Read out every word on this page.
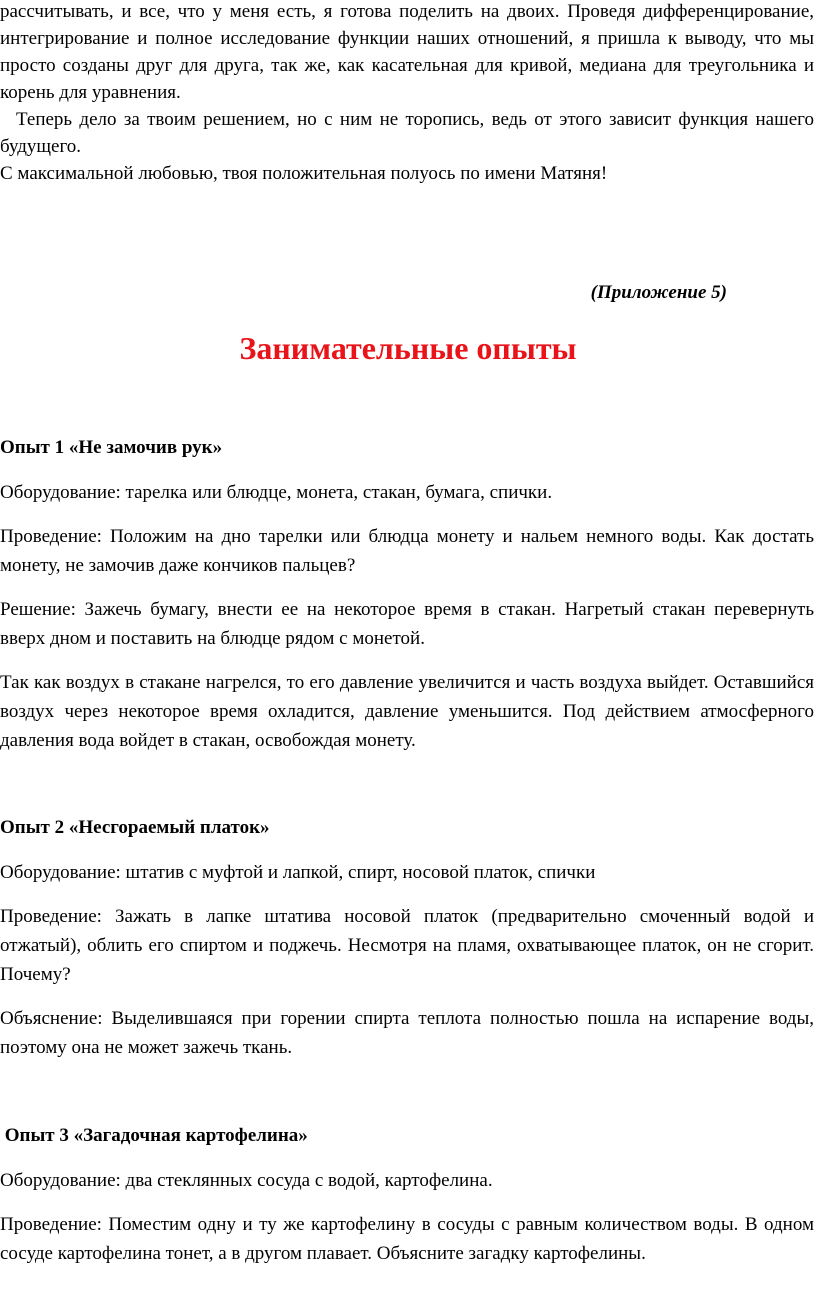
рассчитывать, и все, что у меня есть, я готова поделить на двоих. Проведя дифференцирование, интегрирование и полное исследование функции наших отношений, я пришла к выводу, что мы просто созданы друг для друга, так же, как касательная для кривой, медиана для треугольника и корень для уравнения.

Теперь дело за твоим решением, но с ним не торопись, ведь от этого зависит функция нашего будущего.

С максимальной любовью, твоя положительная полуось по имени Матяня!

(Приложение 5)

Занимательные опыты

Опыт 1 «Не замочив рук»

Оборудование: тарелка или блюдце, монета, стакан, бумага, спички.

Проведение: Положим на дно тарелки или блюдца монету и нальем немного воды. Как достать монету, не замочив даже кончиков пальцев?

Решение: Зажечь бумагу, внести ее на некоторое время в стакан. Нагретый стакан перевернуть вверх дном и поставить на блюдце рядом с монетой.

Так как воздух в стакане нагрелся, то его давление увеличится и часть воздуха выйдет. Оставшийся воздух через некоторое время охладится, давление уменьшится. Под действием атмосферного давления вода войдет в стакан, освобождая монету.

Опыт 2 «Несгораемый платок»

Оборудование: штатив с муфтой и лапкой, спирт, носовой платок, спички

Проведение: Зажать в лапке штатива носовой платок (предварительно смоченный водой и отжатый), облить его спиртом и поджечь. Несмотря на пламя, охватывающее платок, он не сгорит. Почему?

Объяснение: Выделившаяся при горении спирта теплота полностью пошла на испарение воды, поэтому она не может зажечь ткань.

Опыт 3 «Загадочная картофелина»

Оборудование: два стеклянных сосуда с водой, картофелина.

Проведение: Поместим одну и ту же картофелину в сосуды с равным количеством воды. В одном сосуде картофелина тонет, а в другом плавает. Объясните загадку картофелины.
